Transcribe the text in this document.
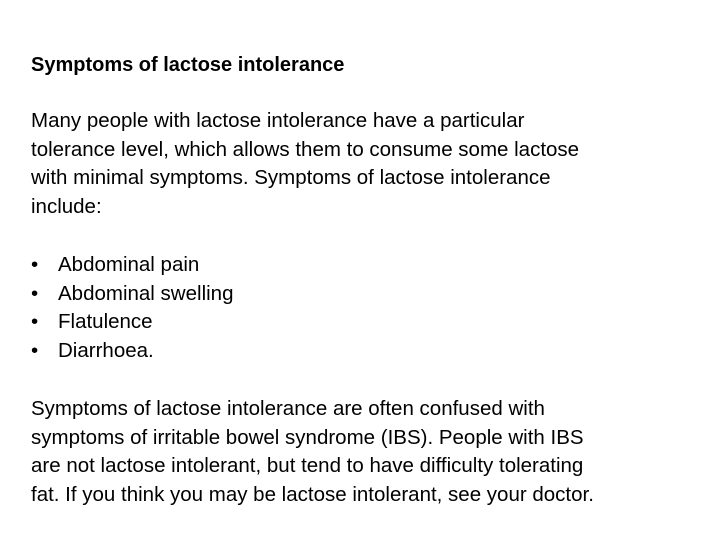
Symptoms of lactose intolerance
Many people with lactose intolerance have a particular
tolerance level, which allows them to consume some lactose
with minimal symptoms. Symptoms of lactose intolerance
include:
• Abdominal pain
• Abdominal swelling
• Flatulence
• Diarrhoea.
Symptoms of lactose intolerance are often confused with
symptoms of irritable bowel syndrome (IBS). People with IBS
are not lactose intolerant, but tend to have difficulty tolerating
fat. If you think you may be lactose intolerant, see your doctor.
